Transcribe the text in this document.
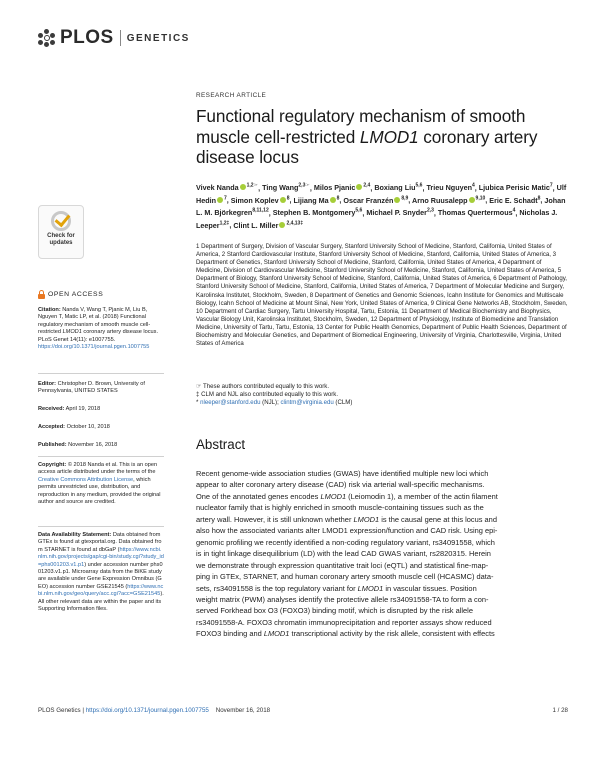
PLOS GENETICS
Check for
updates
OPEN ACCESS
Citation: Nanda V, Wang T, Pjanic M, Liu B, Nguyen T, Matic LP, et al. (2018) Functional regulatory mechanism of smooth muscle cell-restricted LMOD1 coronary artery disease locus. PLoS Genet 14(11): e1007755. https://doi.org/10.1371/journal.pgen.1007755
Editor: Christopher D. Brown, University of Pennsylvania, UNITED STATES
Received: April 19, 2018
Accepted: October 10, 2018
Published: November 16, 2018
Copyright: © 2018 Nanda et al. This is an open access article distributed under the terms of the Creative Commons Attribution License, which permits unrestricted use, distribution, and reproduction in any medium, provided the original author and source are credited.
Data Availability Statement: Data obtained from GTEx is found at gtexportal.org. Data obtained from STARNET is found at dbGaP (https://www.ncbi.nlm.nih.gov/projects/gap/cgi-bin/study.cgi?study_id=phs001203.v1.p1) under accession number phs001203.v1.p1. Microarray data from the BiKE study are available under Gene Expression Omnibus (GEO) accession number GSE21545 (https://www.ncbi.nlm.nih.gov/geo/query/acc.cgi?acc=GSE21545). All other relevant data are within the paper and its Supporting Information files.
RESEARCH ARTICLE
Functional regulatory mechanism of smooth
muscle cell-restricted LMOD1 coronary artery
disease locus
Vivek Nanda $^{1,2☞}$, Ting Wang$^{2,3☞}$, Milos Pjanic $^{2,4}$, Boxiang Liu$^{5,6}$, Trieu Nguyen$^4$, Ljubica Perisic Matic$^7$, Ulf Hedin $^7$, Simon Koplev $^8$, Lijiang Ma $^8$, Oscar Franzén $^{8,9}$, Arno Ruusalepp $^{9,10}$, Eric E. Schadt$^8$, Johan L. M. Björkegren$^{8,11,12}$, Stephen B. Montgomery$^{5,6}$, Michael P. Snyder$^{2,3}$, Thomas Quertermous$^4$, Nicholas J. Leeper$^{1,2\ddagger}$, Clint L. Miller $^{2,4,13\ddagger}$
1 Department of Surgery, Division of Vascular Surgery, Stanford University School of Medicine, Stanford, California, United States of America, 2 Stanford Cardiovascular Institute, Stanford University School of Medicine, Stanford, California, United States of America, 3 Department of Genetics, Stanford University School of Medicine, Stanford, California, United States of America, 4 Department of Medicine, Division of Cardiovascular Medicine, Stanford University School of Medicine, Stanford, California, United States of America, 5 Department of Biology, Stanford University School of Medicine, Stanford, California, United States of America, 6 Department of Pathology, Stanford University School of Medicine, Stanford, California, United States of America, 7 Department of Molecular Medicine and Surgery, Karolinska Institutet, Stockholm, Sweden, 8 Department of Genetics and Genomic Sciences, Icahn Institute for Genomics and Multiscale Biology, Icahn School of Medicine at Mount Sinai, New York, United States of America, 9 Clinical Gene Networks AB, Stockholm, Sweden, 10 Department of Cardiac Surgery, Tartu University Hospital, Tartu, Estonia, 11 Department of Medical Biochemistry and Biophysics, Vascular Biology Unit, Karolinska Institutet, Stockholm, Sweden, 12 Department of Physiology, Institute of Biomedicine and Translation Medicine, University of Tartu, Tartu, Estonia, 13 Center for Public Health Genomics, Department of Public Health Sciences, Department of Biochemistry and Molecular Genetics, and Department of Biomedical Engineering, University of Virginia, Charlottesville, Virginia, United States of America
☞ These authors contributed equally to this work.
‡ CLM and NJL also contributed equally to this work.
* nleeper@stanford.edu (NJL); clintm@virginia.edu (CLM)
Abstract
Recent genome-wide association studies (GWAS) have identified multiple new loci which
appear to alter coronary artery disease (CAD) risk via arterial wall-specific mechanisms.
One of the annotated genes encodes LMOD1 (Leiomodin 1), a member of the actin filament
nucleator family that is highly enriched in smooth muscle-containing tissues such as the
artery wall. However, it is still unknown whether LMOD1 is the causal gene at this locus and
also how the associated variants alter LMOD1 expression/function and CAD risk. Using epi-
genomic profiling we recently identified a non-coding regulatory variant, rs34091558, which
is in tight linkage disequilibrium (LD) with the lead CAD GWAS variant, rs2820315. Herein
we demonstrate through expression quantitative trait loci (eQTL) and statistical fine-map-
ping in GTEx, STARNET, and human coronary artery smooth muscle cell (HCASMC) data-
sets, rs34091558 is the top regulatory variant for LMOD1 in vascular tissues. Position
weight matrix (PWM) analyses identify the protective allele rs34091558-TA to form a con-
served Forkhead box O3 (FOXO3) binding motif, which is disrupted by the risk allele
rs34091558-A. FOXO3 chromatin immunoprecipitation and reporter assays show reduced
FOXO3 binding and LMOD1 transcriptional activity by the risk allele, consistent with effects
PLOS Genetics | https://doi.org/10.1371/journal.pgen.1007755 November 16, 2018	1 / 28
